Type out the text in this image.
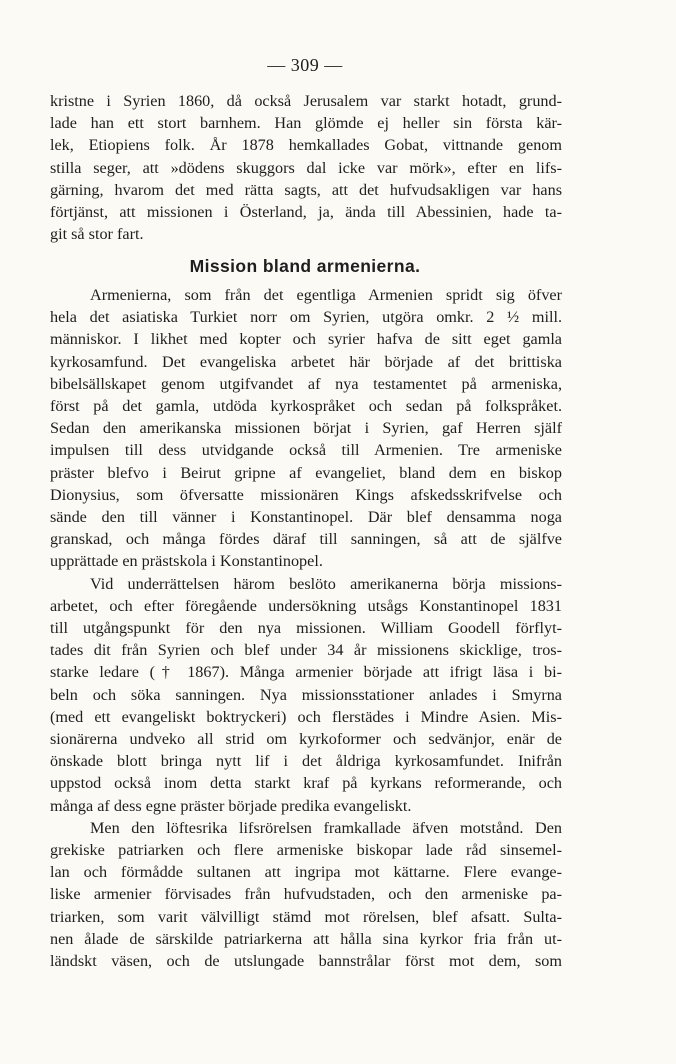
— 309 —
kristne i Syrien 1860, då också Jerusalem var starkt hotadt, grund-
lade han ett stort barnhem. Han glömde ej heller sin första kär-
lek, Etiopiens folk. År 1878 hemkallades Gobat, vittnande genom
stilla seger, att »dödens skuggors dal icke var mörk», efter en lifs-
gärning, hvarom det med rätta sagts, att det hufvudsakligen var hans
förtjänst, att missionen i Österland, ja, ända till Abessinien, hade ta-
git så stor fart.
Mission bland armenierna.
Armenierna, som från det egentliga Armenien spridt sig öfver
hela det asiatiska Turkiet norr om Syrien, utgöra omkr. 2 ½ mill.
människor. I likhet med kopter och syrier hafva de sitt eget gamla
kyrkosamfund. Det evangeliska arbetet här började af det brittiska
bibelsällskapet genom utgifvandet af nya testamentet på armeniska,
först på det gamla, utdöda kyrkospråket och sedan på folkspråket.
Sedan den amerikanska missionen börjat i Syrien, gaf Herren själf
impulsen till dess utvidgande också till Armenien. Tre armeniske
präster blefvo i Beirut gripne af evangeliet, bland dem en biskop
Dionysius, som öfversatte missionären Kings afskedsskrifvelse och
sände den till vänner i Konstantinopel. Där blef densamma noga
granskad, och många fördes däraf till sanningen, så att de själfve
upprättade en prästskola i Konstantinopel.
Vid underrättelsen härom beslöto amerikanerna börja missions-
arbetet, och efter föregående undersökning utsågs Konstantinopel 1831
till utgångspunkt för den nya missionen. William Goodell förflyt-
tades dit från Syrien och blef under 34 år missionens skicklige, tros-
starke ledare († 1867). Många armenier började att ifrigt läsa i bi-
beln och söka sanningen. Nya missionsstationer anlades i Smyrna
(med ett evangeliskt boktryckeri) och flerstädes i Mindre Asien. Mis-
sionärerna undveko all strid om kyrkoformer och sedvänjor, enär de
önskade blott bringa nytt lif i det åldriga kyrkosamfundet. Inifrån
uppstod också inom detta starkt kraf på kyrkans reformerande, och
många af dess egne präster började predika evangeliskt.
Men den löftesrika lifsrörelsen framkallade äfven motstånd. Den
grekiske patriarken och flere armeniske biskopar lade råd sinsemel-
lan och förmådde sultanen att ingripa mot kättarne. Flere evange-
liske armenier förvisades från hufvudstaden, och den armeniske pa-
triarken, som varit välvilligt stämd mot rörelsen, blef afsatt. Sulta-
nen ålade de särskilde patriarkerna att hålla sina kyrkor fria från ut-
ländskt väsen, och de utslungade bannstrålar först mot dem, som
